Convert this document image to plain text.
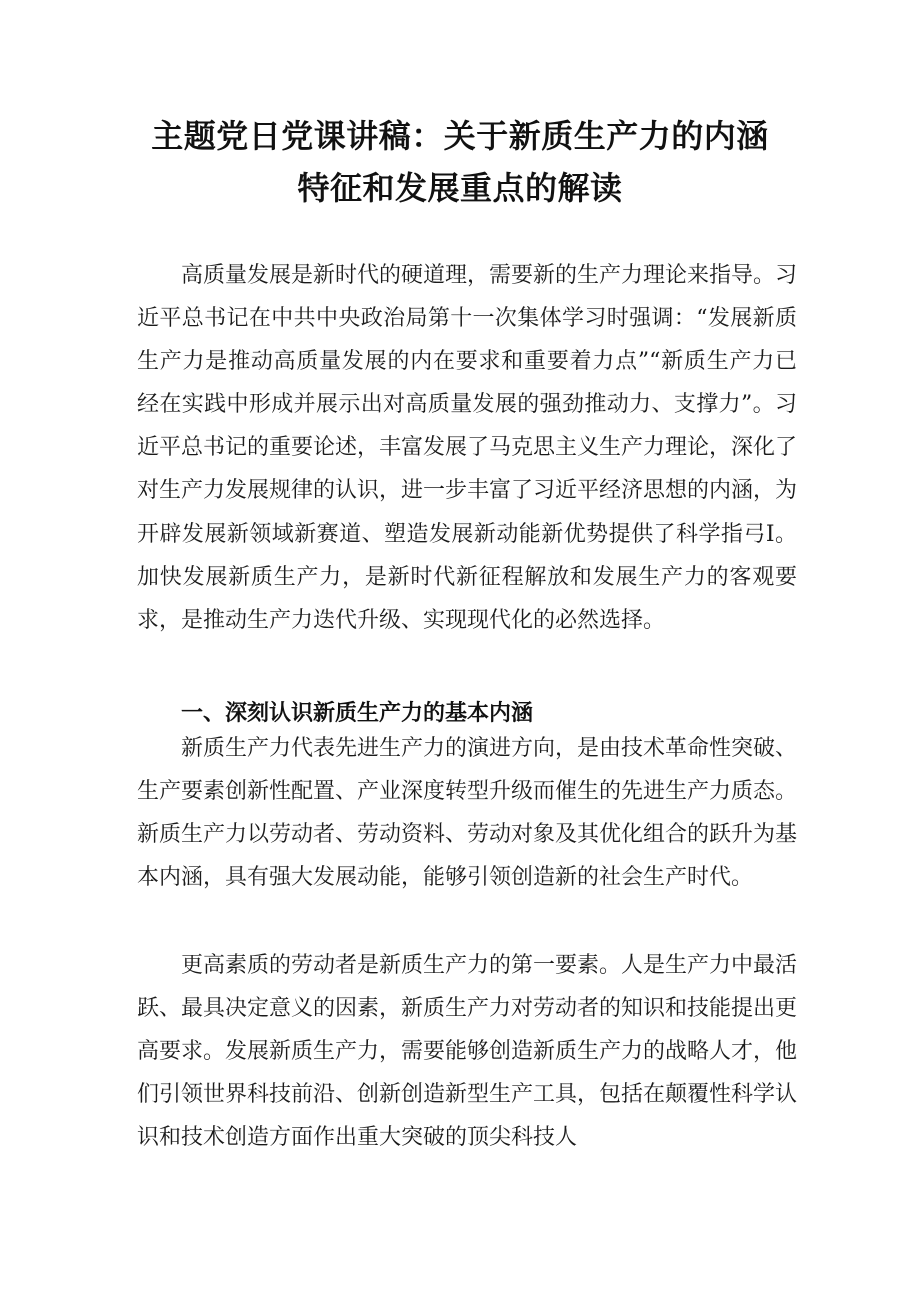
主题党日党课讲稿：关于新质生产力的内涵
特征和发展重点的解读

高质量发展是新时代的硬道理，需要新的生产力理论来指导。习近平总书记在中共中央政治局第十一次集体学习时强调：“发展新质生产力是推动高质量发展的内在要求和重要着力点”“新质生产力已经在实践中形成并展示出对高质量发展的强劲推动力、支撑力”。习近平总书记的重要论述，丰富发展了马克思主义生产力理论，深化了对生产力发展规律的认识，进一步丰富了习近平经济思想的内涵，为开辟发展新领域新赛道、塑造发展新动能新优势提供了科学指弓I。加快发展新质生产力，是新时代新征程解放和发展生产力的客观要求，是推动生产力迭代升级、实现现代化的必然选择。

一、深刻认识新质生产力的基本内涵

新质生产力代表先进生产力的演进方向，是由技术革命性突破、生产要素创新性配置、产业深度转型升级而催生的先进生产力质态。新质生产力以劳动者、劳动资料、劳动对象及其优化组合的跃升为基本内涵，具有强大发展动能，能够引领创造新的社会生产时代。

更高素质的劳动者是新质生产力的第一要素。人是生产力中最活跃、最具决定意义的因素，新质生产力对劳动者的知识和技能提出更高要求。发展新质生产力，需要能够创造新质生产力的战略人才，他们引领世界科技前沿、创新创造新型生产工具，包括在颠覆性科学认识和技术创造方面作出重大突破的顶尖科技人
